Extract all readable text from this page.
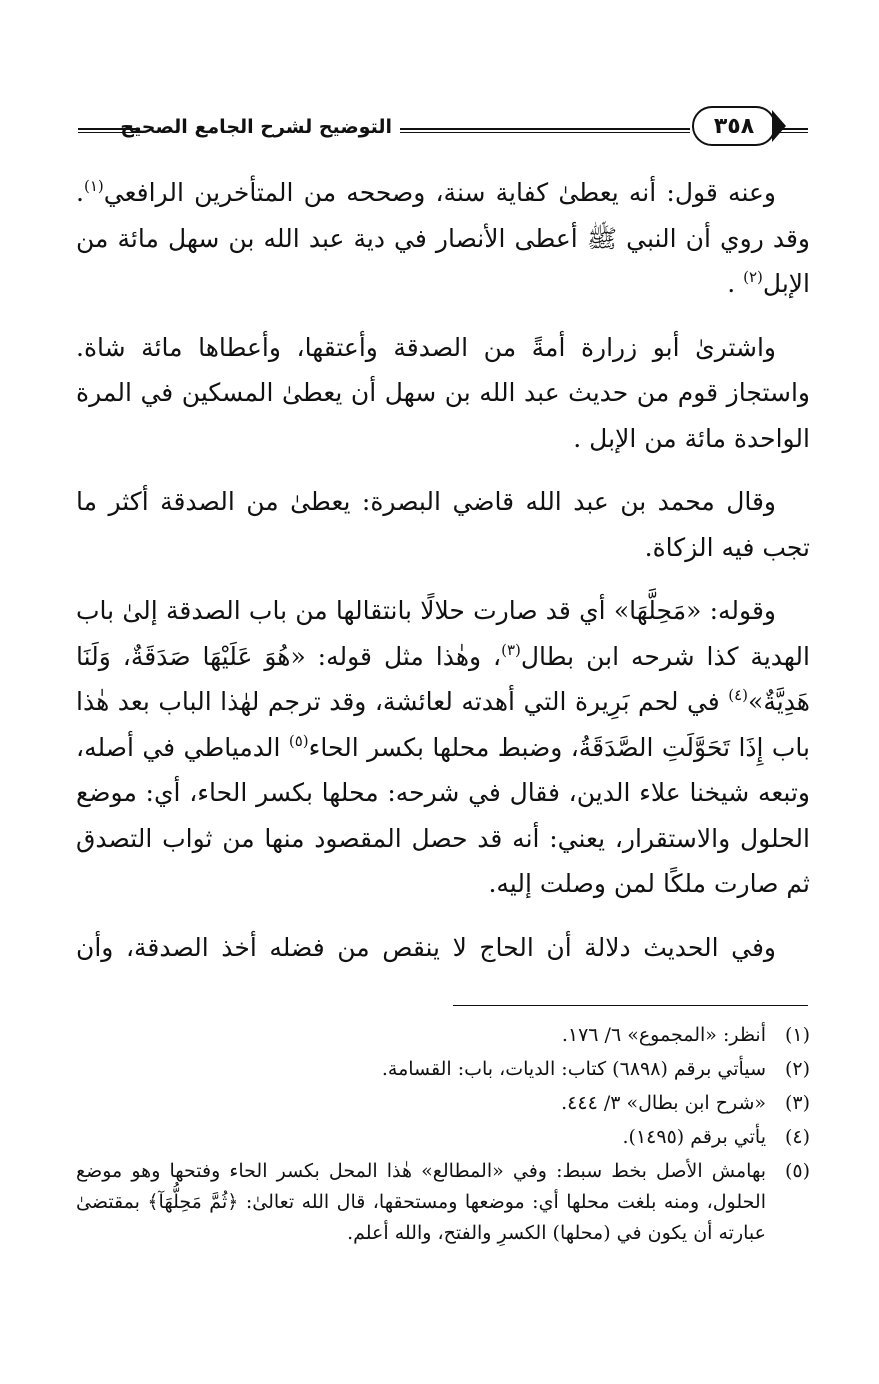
التوضيح لشرح الجامع الصحيح	٣٥٨

وعنه قول: أنه يعطىٰ كفاية سنة، وصححه من المتأخرين الرافعي$^{(١)}$. وقد روي أن النبي ﷺ أعطى الأنصار في دية عبد الله بن سهل مائة من الإبل$^{(٢)}$ .

واشترىٰ أبو زرارة أمةً من الصدقة وأعتقها، وأعطاها مائة شاة. واستجاز قوم من حديث عبد الله بن سهل أن يعطىٰ المسكين في المرة الواحدة مائة من الإبل .

وقال محمد بن عبد الله قاضي البصرة: يعطىٰ من الصدقة أكثر ما تجب فيه الزكاة.

وقوله: «مَحِلَّهَا» أي قد صارت حلالًا بانتقالها من باب الصدقة إلىٰ باب الهدية كذا شرحه ابن بطال$^{(٣)}$، وهٰذا مثل قوله: «هُوَ عَلَيْهَا صَدَقَةٌ، وَلَنَا هَدِيَّةٌ»$^{(٤)}$ في لحم بَرِيرة التي أهدته لعائشة، وقد ترجم لهٰذا الباب بعد هٰذا باب إِذَا تَحَوَّلَتِ الصَّدَقَةُ، وضبط محلها بكسر الحاء$^{(٥)}$ الدمياطي في أصله، وتبعه شيخنا علاء الدين، فقال في شرحه: محلها بكسر الحاء، أي: موضع الحلول والاستقرار، يعني: أنه قد حصل المقصود منها من ثواب التصدق ثم صارت ملكًا لمن وصلت إليه.

وفي الحديث دلالة أن الحاج لا ينقص من فضله أخذ الصدقة، وأن

(١)
أنظر: «المجموع» ٦/ ١٧٦.
(٢)
سيأتي برقم (٦٨٩٨) كتاب: الديات، باب: القسامة.
(٣)
«شرح ابن بطال» ٣/ ٤٤٤.
(٤)
يأتي برقم (١٤٩٥).
(٥)
بهامش الأصل بخط سبط: وفي «المطالع» هٰذا المحل بكسر الحاء وفتحها وهو موضع الحلول، ومنه بلغت محلها أي: موضعها ومستحقها، قال الله تعالىٰ: ﴿ثُمَّ مَحِلُّهَآ﴾ بمقتضىٰ عبارته أن يكون في (محلها) الكسرِ والفتح، والله أعلم.
